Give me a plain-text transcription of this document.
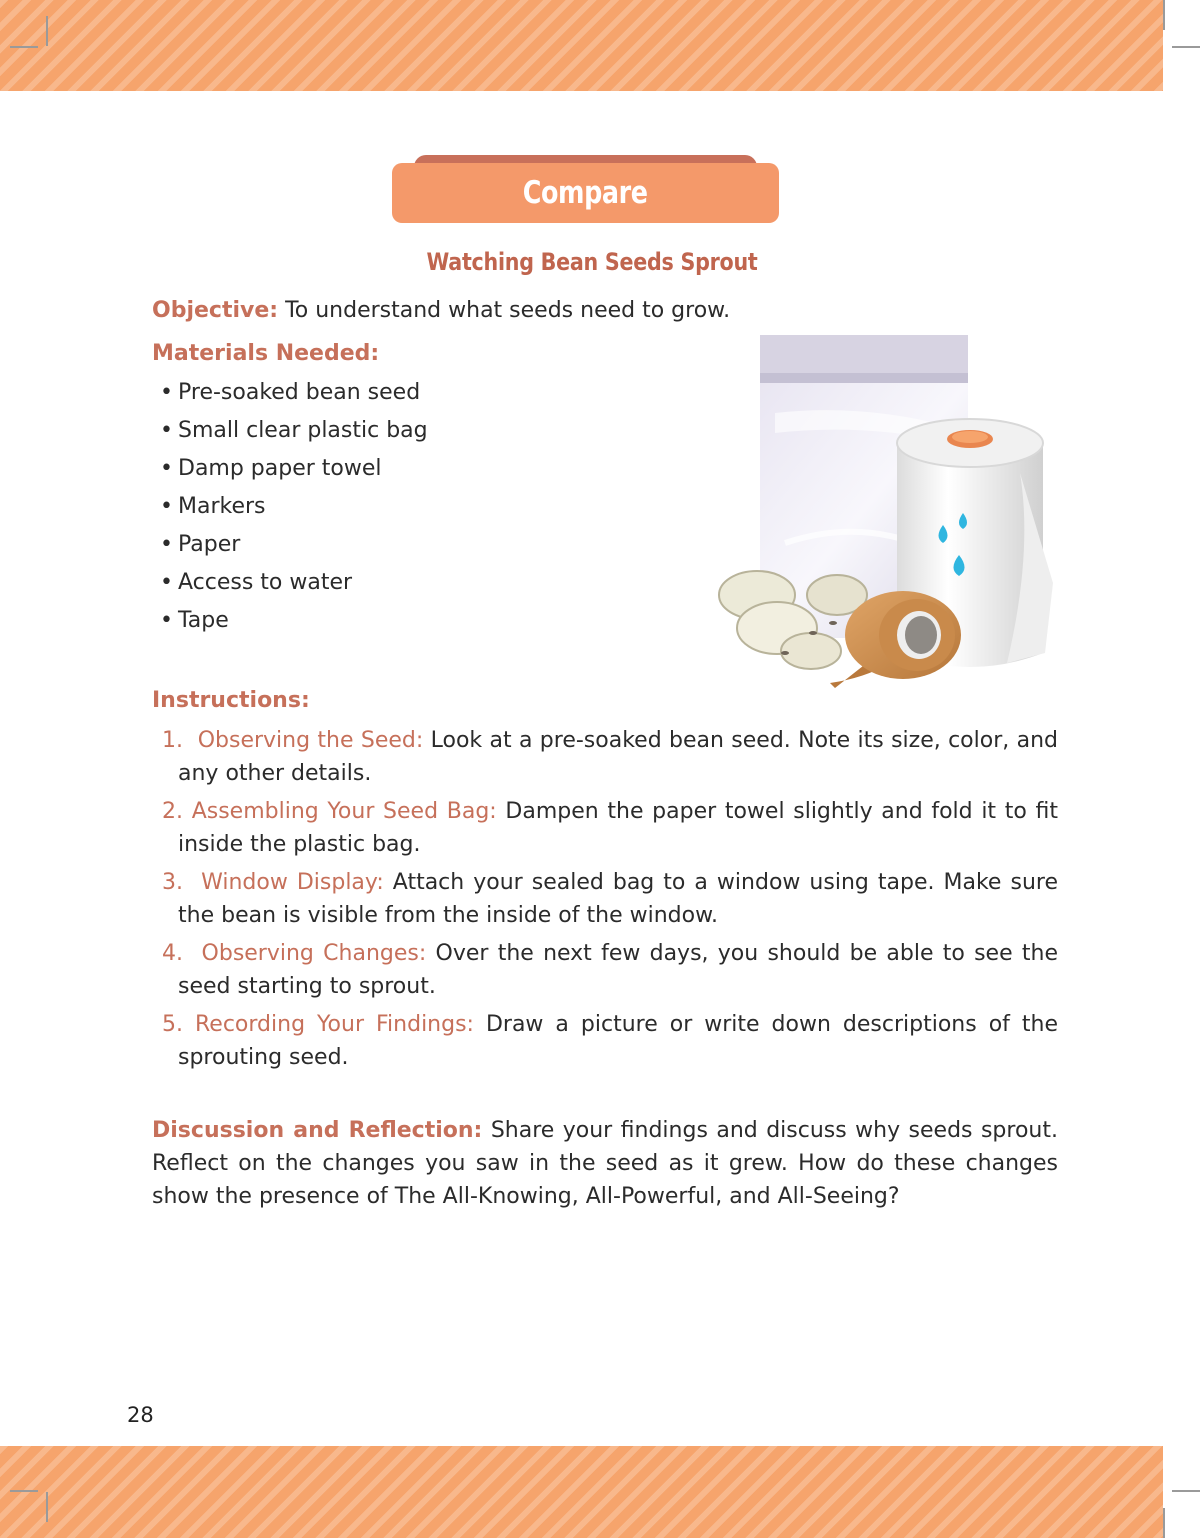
Compare
Watching Bean Seeds Sprout
Objective: To understand what seeds need to grow.
Materials Needed:
• Pre-soaked bean seed
• Small clear plastic bag
• Damp paper towel
• Markers
• Paper
• Access to water
• Tape
Instructions:
1. Observing the Seed: Look at a pre-soaked bean seed. Note its size, color, and any other details.
2. Assembling Your Seed Bag: Dampen the paper towel slightly and fold it to fit inside the plastic bag.
3. Window Display: Attach your sealed bag to a window using tape. Make sure the bean is visible from the inside of the window.
4. Observing Changes: Over the next few days, you should be able to see the seed starting to sprout.
5. Recording Your Findings: Draw a picture or write down descriptions of the sprouting seed.
Discussion and Reflection: Share your findings and discuss why seeds sprout. Reflect on the changes you saw in the seed as it grew. How do these changes show the presence of The All-Knowing, All-Powerful, and All-Seeing?
28
